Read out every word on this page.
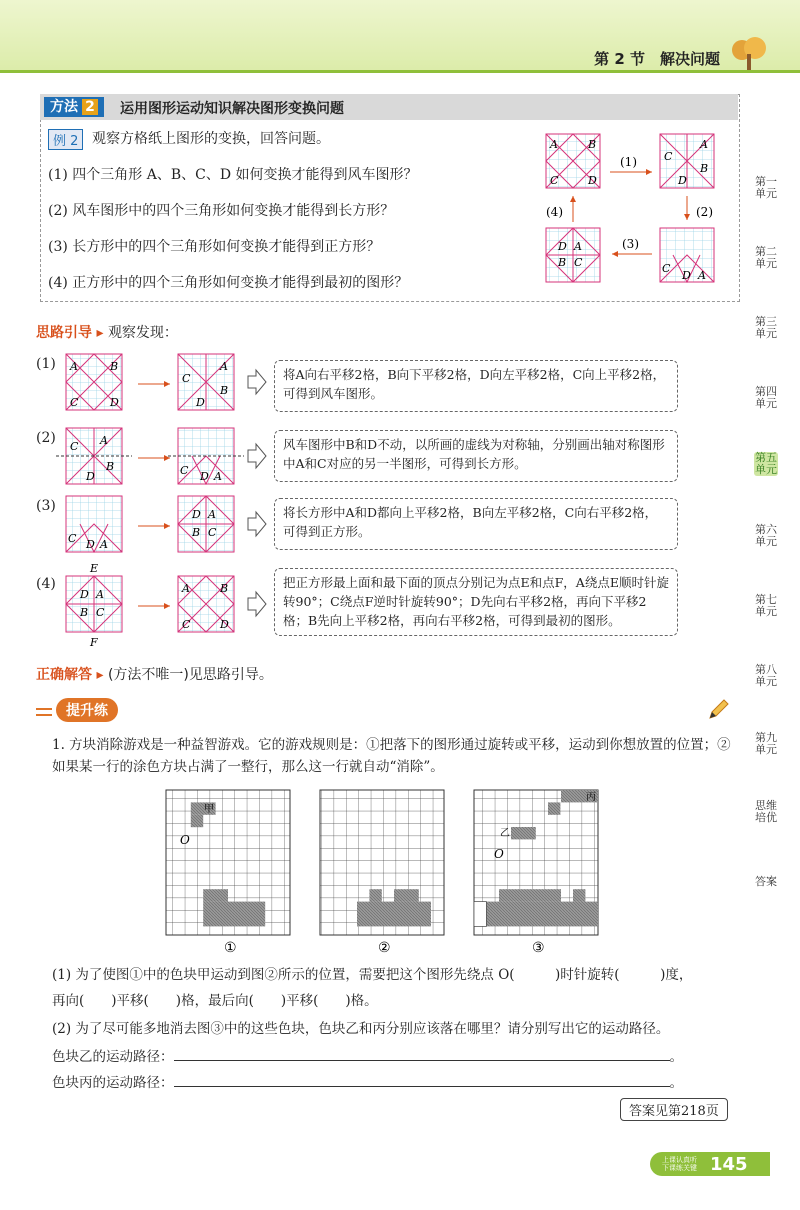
第 2 节　解决问题
方法 2	运用图形运动知识解决图形变换问题
例 2 观察方格纸上图形的变换，回答问题。
(1) 四个三角形 A、B、C、D 如何变换才能得到风车图形？
(2) 风车图形中的四个三角形如何变换才能得到长方形？
(3) 长方形中的四个三角形如何变换才能得到正方形？
(4) 正方形中的四个三角形如何变换才能得到最初的图形？
A	B
C	D
C
A
B
D
C
D A
D A
B C
(1)
(2)
(3)
(4)
思路引导 ▸ 观察发现：
A	B
C	D
C
A
B
D
C A
B
D	C D A
C D A
D A
B C
D A
B C
E
F
A	B
C	D
(1)
(2)
(3)
(4)
将A向右平移2格，B向下平移2格，D向左平移2格，C向上平移2格，可得到风车图形。
风车图形中B和D不动，以所画的虚线为对称轴，分别画出轴对称图形中A和C对应的另一半图形，可得到长方形。
将长方形中A和D都向上平移2格，B向左平移2格，C向右平移2格，可得到正方形。
把正方形最上面和最下面的顶点分别记为点E和点F，A绕点E顺时针旋转90°；C绕点F逆时针旋转90°；D先向右平移2格，再向下平移2格；B先向上平移2格，再向右平移2格，可得到最初的图形。
正确解答 ▸ (方法不唯一)见思路引导。
提升练
1. 方块消除游戏是一种益智游戏。它的游戏规则是：①把落下的图形通过旋转或平移，运动到你想放置的位置；②如果某一行的涂色方块占满了一整行，那么这一行就自动“消除”。
甲
O
丙
乙
O
①	②	③
(1) 为了使图①中的色块甲运动到图②所示的位置，需要把这个图形先绕点 O(　　　)时针旋转(　　　)度，
再向(　　)平移(　　)格，最后向(　　)平移(　　)格。
(2) 为了尽可能多地消去图③中的这些色块，色块乙和丙分别应该落在哪里？请分别写出它的运动路径。
色块乙的运动路径：	。
色块丙的运动路径：	。
答案见第218页
第一单元
第二单元
第三单元
第四单元
第五单元
第六单元
第七单元
第八单元
第九单元
思维培优
答案
上课认真听
下课练关键 145
